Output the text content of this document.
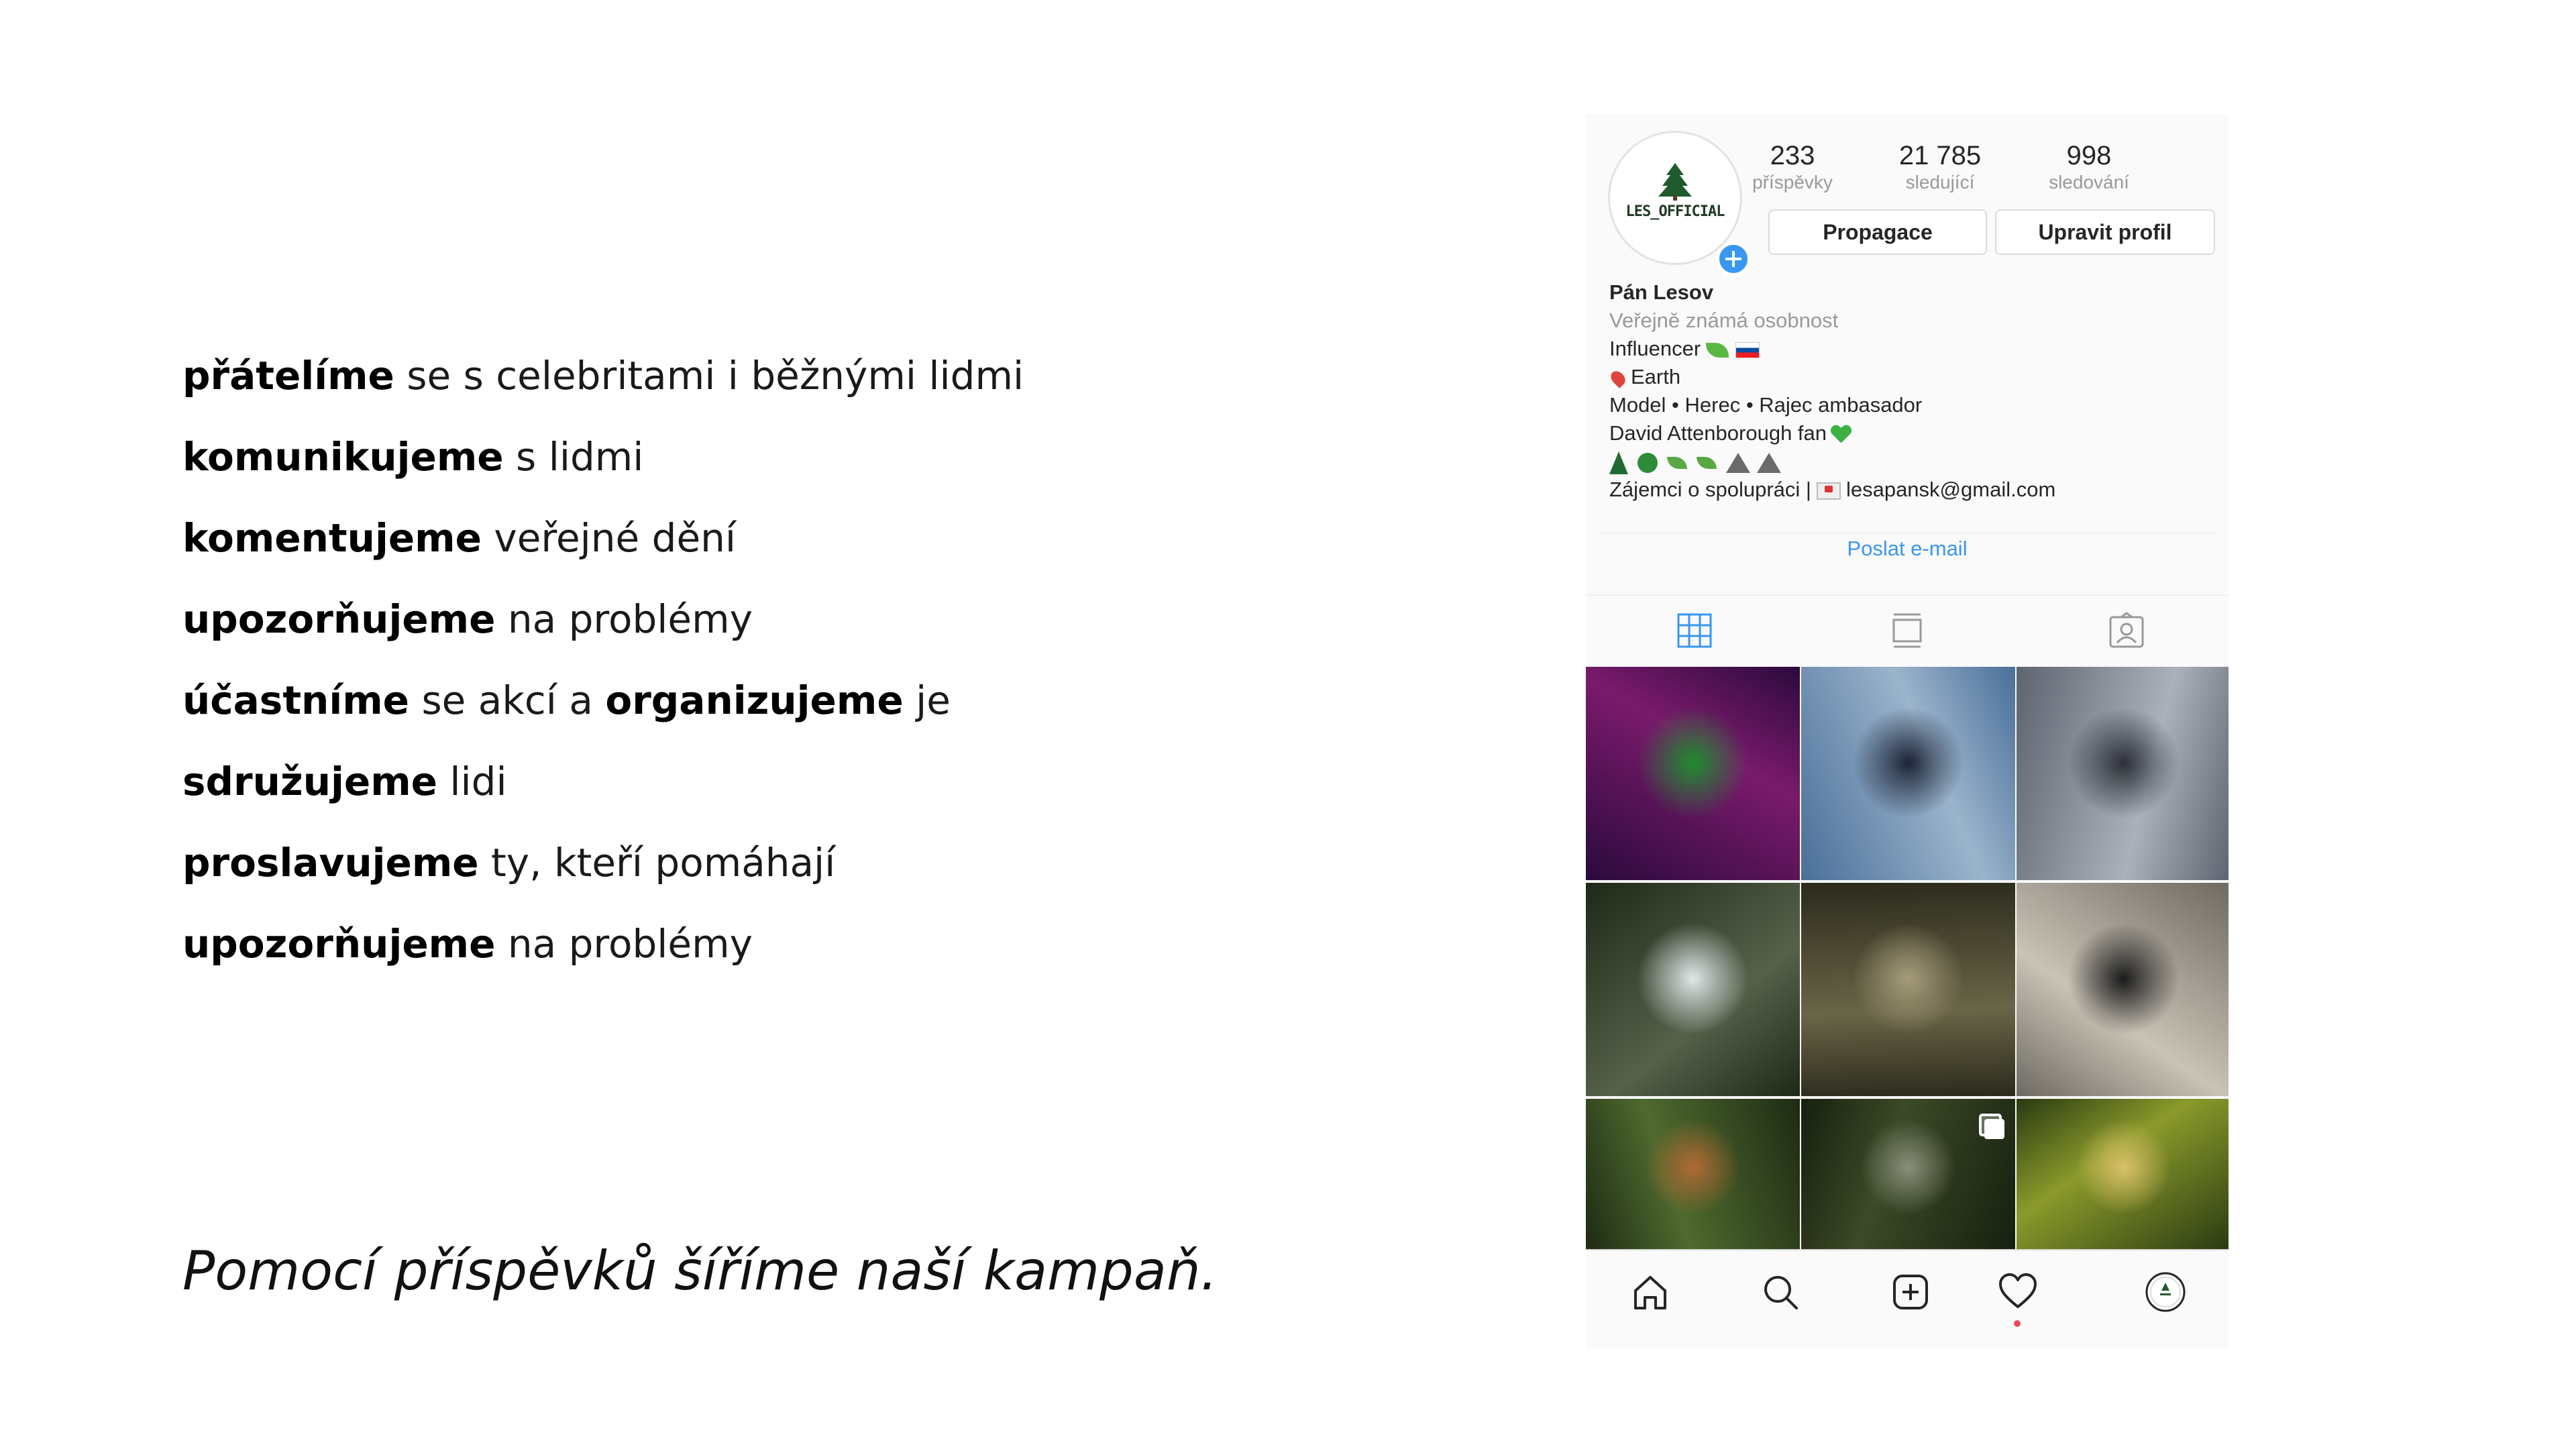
přátelíme se s celebritami i běžnými lidmi
komunikujeme s lidmi
komentujeme veřejné dění
upozorňujeme na problémy
účastníme se akcí a organizujeme je
sdružujeme lidi
proslavujeme ty, kteří pomáhají
upozorňujeme na problémy
Pomocí příspěvků šíříme naší kampaň.
LES_OFFICIAL
233
příspěvky
21 785
sledující
998
sledování
Propagace	Upravit profil
Pán Lesov
Veřejně známá osobnost
Influencer
Earth
Model • Herec • Rajec ambasador
David Attenborough fan
Zájemci o spolupráci | lesapansk@gmail.com
Poslat e-mail
